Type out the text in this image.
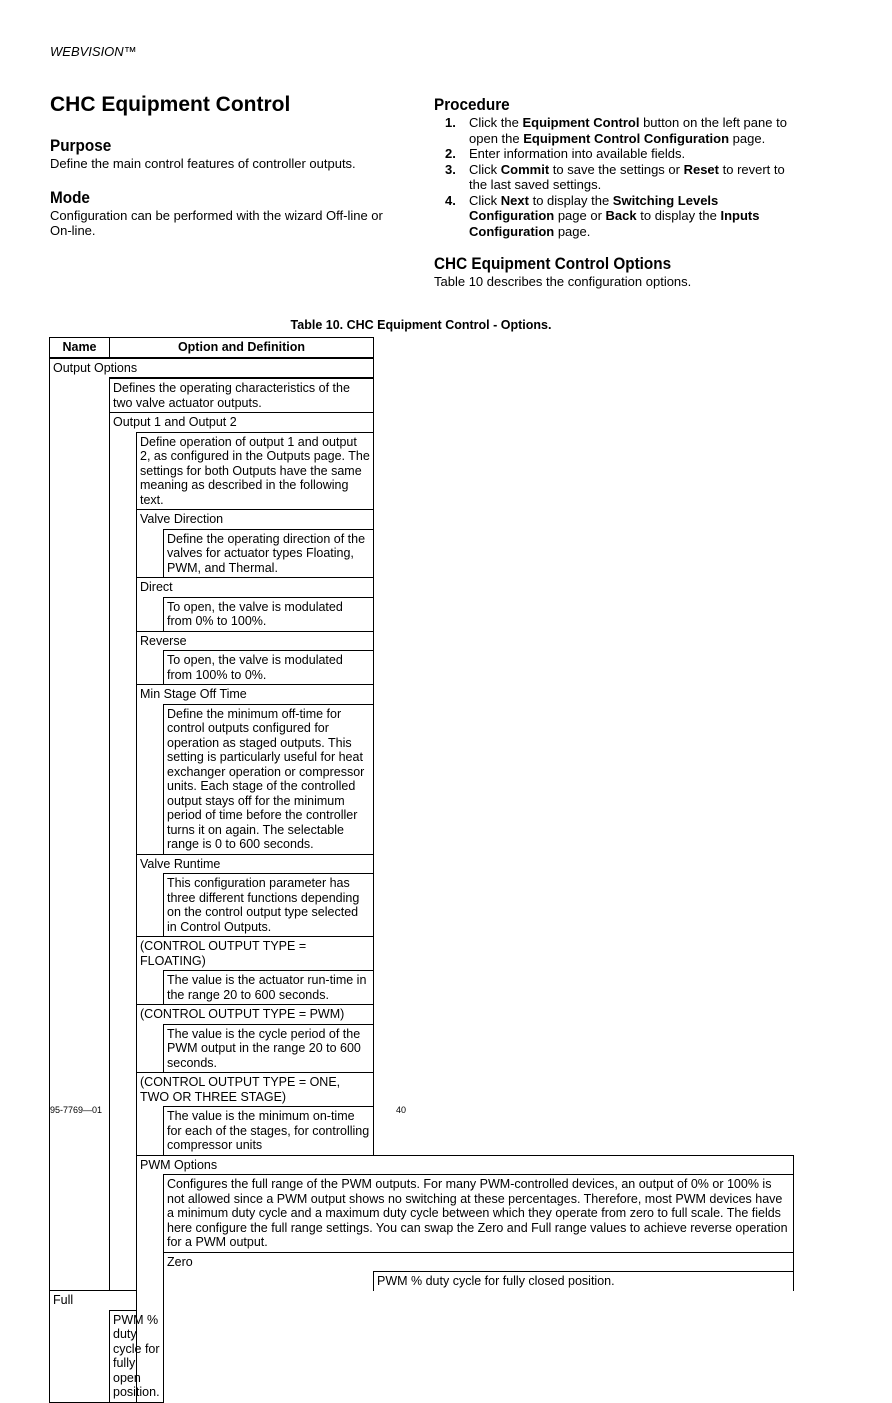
WEBVISION™
CHC Equipment Control
Purpose

Define the main control features of controller outputs.

Mode

Configuration can be performed with the wizard Off-line or On-line.

Procedure
1. Click the Equipment Control button on the left pane to open the Equipment Control Configuration page.
2. Enter information into available fields.
3. Click Commit to save the settings or Reset to revert to the last saved settings.
4. Click Next to display the Switching Levels Configuration page or Back to display the Inputs Configuration page.
CHC Equipment Control Options

Table 10 describes the configuration options.

Table 10. CHC Equipment Control - Options.
Name	Option and Definition			
Output Options				
	Defines the operating characteristics of the two valve actuator outputs.			
	Output 1 and Output 2			
		Define operation of output 1 and output 2, as configured in the Outputs page. The settings for both Outputs have the same meaning as described in the following text.		
		Valve Direction		
			Define the operating direction of the valves for actuator types Floating, PWM, and Thermal.	
		Direct		
			To open, the valve is modulated from 0% to 100%.	
		Reverse		
			To open, the valve is modulated from 100% to 0%.	
		Min Stage Off Time		
			Define the minimum off-time for control outputs configured for operation as staged outputs. This setting is particularly useful for heat exchanger operation or compressor units. Each stage of the controlled output stays off for the minimum period of time before the controller turns it on again. The selectable range is 0 to 600 seconds.	
		Valve Runtime		
			This configuration parameter has three different functions depending on the control output type selected in Control Outputs.	
		(CONTROL OUTPUT TYPE = FLOATING)		
			The value is the actuator run-time in the range 20 to 600 seconds.	
		(CONTROL OUTPUT TYPE = PWM)		
			The value is the cycle period of the PWM output in the range 20 to 600 seconds.	
		(CONTROL OUTPUT TYPE = ONE, TWO OR THREE STAGE)		
			The value is the minimum on-time for each of the stages, for controlling compressor units	
		PWM Options		
			Configures the full range of the PWM outputs. For many PWM-controlled devices, an output of 0% or 100% is not allowed since a PWM output shows no switching at these percentages. Therefore, most PWM devices have a minimum duty cycle and a maximum duty cycle between which they operate from zero to full scale. The fields here configure the full range settings. You can swap the Zero and Full range values to achieve reverse operation for a PWM output.	
			Zero	
				PWM % duty cycle for fully closed position.
Full				
	PWM % duty cycle for fully open position.			
95-7769—01	40
